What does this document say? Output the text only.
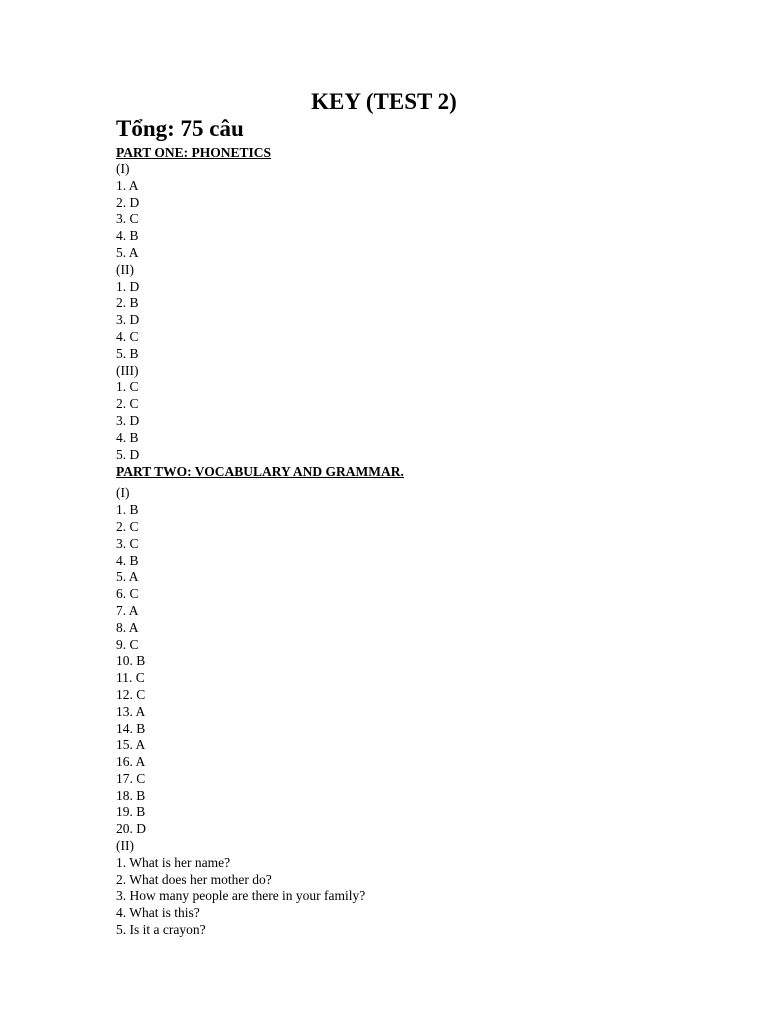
KEY (TEST 2)

Tổng: 75 câu

PART ONE: PHONETICS

(I)

1. A

2. D

3. C

4. B

5. A

(II)

1. D

2. B

3. D

4. C

5. B

(III)

1. C

2. C

3. D

4. B

5. D

PART TWO: VOCABULARY AND GRAMMAR.

(I)

1. B

2. C

3. C

4. B

5. A

6. C

7. A

8. A

9. C

10. B

11. C

12. C

13. A

14. B

15. A

16. A

17. C

18. B

19. B

20. D

(II)

1. What is her name?

2. What does her mother do?

3. How many people are there in your family?

4. What is this?

5. Is it a crayon?
